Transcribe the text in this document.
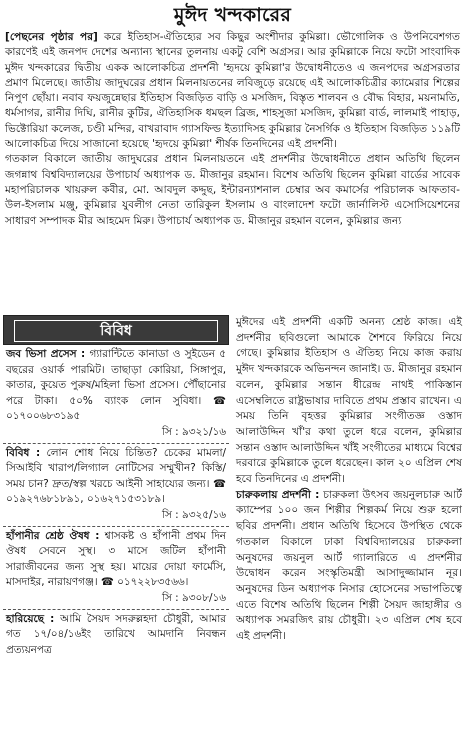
মুঈদ খন্দকারের

[পেছনের পৃষ্ঠার পর] করে ইতিহাস-ঐতিহ্যের সব কিছুর অংশীদার কুমিল্লা। ভৌগোলিক ও উপনিবেশগত কারণেই এই জনপদ দেশের অন্যান্য স্থানের তুলনায় একটু বেশি অগ্রসর। আর কুমিল্লাকে নিয়ে ফটো সাংবাদিক মুঈদ খন্দকারের দ্বিতীয় একক আলোকচিত্র প্রদর্শনী 'হৃদয়ে কুমিল্লা'র উদ্বোধনীতেও এ জনপদের অগ্রসরতার প্রমাণ মিলেছে। জাতীয় জাদুঘরের প্রধান মিলনায়তনের লবিজুড়ে রয়েছে এই আলোকচিত্রীর ক্যামেরার শিল্পের নিপুণ ছোঁয়া। নবাব ফয়জুন্নেছার ইতিহাস বিজড়িত বাড়ি ও মসজিদ, বিস্তৃত শালবন ও বৌদ্ধ বিহার, ময়নামতি, ধর্মসাগর, রানীর দিঘি, রানীর কুটির, ঐতিহাসিক ধমছল ব্রিজ, শাহসুজা মসজিদ, কুমিল্লা বার্ড, লালমাই পাহাড়, ভিক্টোরিয়া কলেজ, চণ্ডী মন্দির, বাখরাবাদ গ্যাসফিল্ড ইত্যাদিসহ কুমিল্লার নৈসর্গিক ও ইতিহাস বিজড়িত ১১৯টি আলোকচিত্র দিয়ে সাজানো হয়েছে 'হৃদয়ে কুমিল্লা' শীর্ষক তিনদিনের এই প্রদর্শনী।

গতকাল বিকালে জাতীয় জাদুঘরের প্রধান মিলনায়তনে এই প্রদর্শনীর উদ্বোধনীতে প্রধান অতিথি ছিলেন জগন্নাথ বিশ্ববিদ্যালয়ের উপাচার্য অধ্যাপক ড. মীজানুর রহমান। বিশেষ অতিথি ছিলেন কুমিল্লা বার্ডের সাবেক মহাপরিচালক খায়রুল কবীর, মো. আবদুল কদ্দুছ, ইন্টারন্যাশনাল চেম্বার অব কমার্সের পরিচালক আফতাব-উল-ইসলাম মঞ্জু, কুমিল্লার যুবলীগ নেতা তারিকুল ইসলাম ও বাংলাদেশ ফটো জার্নালিস্ট এসোসিয়েশনের সাধারণ সম্পাদক মীর আহমেদ মিরু। উপাচার্য অধ্যাপক ড. মীজানুর রহমান বলেন, কুমিল্লার জন্য

বিবিধ
জব ভিসা প্রসেস : গ্যারান্টিতে কানাডা ও সুইডেন ৫ বছরের ওয়ার্ক পারমিট। তাছাড়া কোরিয়া, সিঙ্গাপুর, কাতার, কুয়েত পুরুষ/মহিলা ভিসা প্রসেস। পৌঁছানোর পরে টাকা। ৫০% ব্যাংক লোন সুবিধা। ☎ ০১৭০০৬৮৩১৯৫
সি : ৯৩২১/১৬
বিবিধ : লোন শোধ নিয়ে চিন্তিত? চেকের মামলা/সিআইবি খারাপ/লিগ্যাল নোটিসের সম্মুখীন? কিস্তি/সময় চান? দ্রুত/স্বল্প খরচে আইনী সাহায্যের জন্য। ☎ ০১৯২৭৬৮১৮৯১, ০১৬২৭১৫৩১৮৯।
সি : ৯৩২৫/১৬
হাঁপানীর শ্রেষ্ঠ ঔষধ : শ্বাসকষ্ট ও হাঁপানী প্রথম দিন ঔষধ সেবনে সুস্থ। ৩ মাসে জটিল হাঁপানী সারাজীবনের জন্য সুস্থ হয়। মায়ের দোয়া ফার্মেসি, মাসদাইর, নারায়ণগঞ্জ। ☎ ০১৭২২৮৩৫৬৬।
সি : ৯৩০৮/১৬
হারিয়েছে : আমি সৈয়দ সদরুল্লহদা চৌধুরী, আমার গত ১৭/০৪/১৬ইং তারিখে আমদানি নিবন্ধন প্রত্যয়নপত্র

মুঈদের এই প্রদর্শনী একটি অনন্য শ্রেষ্ঠ কাজ। এই প্রদর্শনীর ছবিগুলো আমাকে শৈশবে ফিরিয়ে নিয়ে গেছে। কুমিল্লার ইতিহাস ও ঐতিহ্য নিয়ে কাজ করায় মুঈদ খন্দকারকে অভিনন্দন জানাই। ড. মীজানুর রহমান বলেন, কুমিল্লার সন্তান ধীরেন্দ্র নাথই পাকিস্তান এসেম্বলিতে রাষ্ট্রভাষার দাবিতে প্রথম প্রস্তাব রাখেন। এ সময় তিনি বৃহত্তর কুমিল্লার সংগীতজ্ঞ ওস্তাদ আলাউদ্দিন খাঁ'র কথা তুলে ধরে বলেন, কুমিল্লার সন্তান ওস্তাদ আলাউদ্দিন খাঁই সংগীতের মাধ্যমে বিশ্বের দরবারে কুমিল্লাকে তুলে ধরেছেন। কাল ২০ এপ্রিল শেষ হবে তিনদিনের এ প্রদর্শনী।

চারুকলায় প্রদর্শনী : চারুকলা উৎসব জয়নুলচারু আর্ট ক্যাম্পের ১০০ জন শিল্পীর শিল্পকর্ম নিয়ে শুরু হলো ছবির প্রদর্শনী। প্রধান অতিথি হিসেবে উপস্থিত থেকে গতকাল বিকালে ঢাকা বিশ্ববিদ্যালয়ের চারুকলা অনুষদের জয়নুল আর্ট গ্যালারিতে এ প্রদর্শনীর উদ্বোধন করেন সংস্কৃতিমন্ত্রী আসাদুজ্জামান নূর। অনুষদের ডিন অধ্যাপক নিসার হোসেনের সভাপতিত্বে এতে বিশেষ অতিথি ছিলেন শিল্পী সৈয়দ জাহাঙ্গীর ও অধ্যাপক সমরজিৎ রায় চৌধুরী। ২৩ এপ্রিল শেষ হবে এই প্রদর্শনী।
